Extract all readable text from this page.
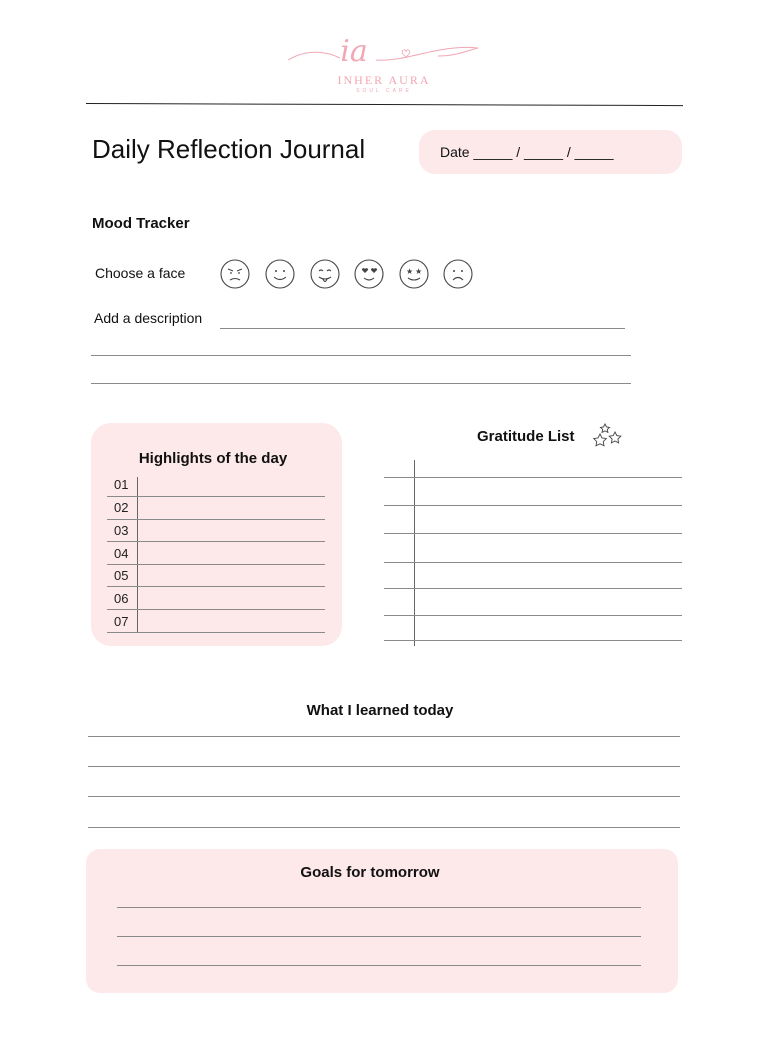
ia
INHER AURA
SOUL CARE
Daily Reflection Journal	Date _____ / _____ / _____
Mood Tracker
Choose a face	★ ★
Add a description
Highlights of the day
01
02
03
04
05
06
07
Gratitude List
What I learned today
Goals for tomorrow
